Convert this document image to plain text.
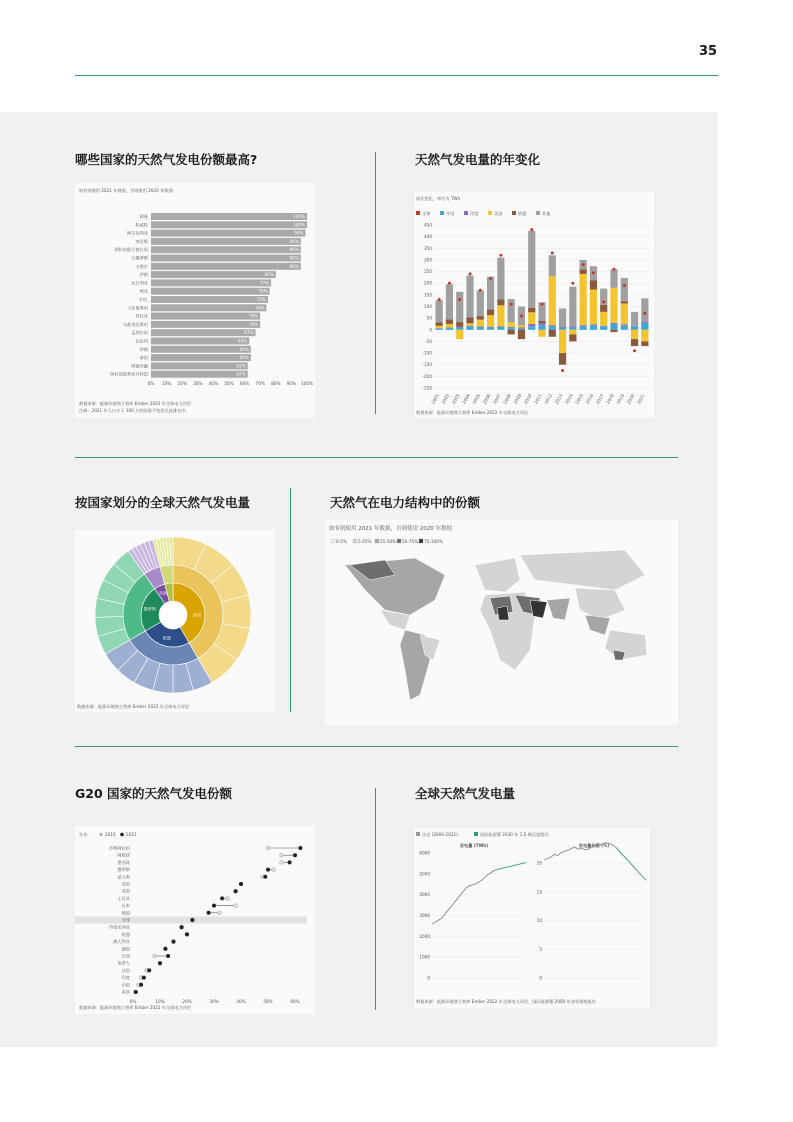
35
哪些国家的天然气发电份额最高?	天然气发电量的年变化
按国家划分的全球天然气发电量	天然气在电力结构中的份额
G20 国家的天然气发电份额	全球天然气发电量
如有则使用 2021 年数据，否则使用 2020 年数据
数据来源：能源环境独立智库 Ember 2022 年全球电力评论
注释：2021 年人口少于 100 万的国家不包括在此排名中。
阿曼	100%
科威特	100%
阿尔及利亚	99%
突尼斯	96%
阿拉伯联合酋长国	96%
白俄罗斯	96%
卡塔尔	96%
伊朗	80%
尼日利亚	77%
埃及	76%
约旦	75%
土库曼斯坦	74%
利比亚	70%
乌兹别克斯坦	70%
孟加拉国	67%
以色列	63%
伊朗	64%
泰国	64%
阿塞拜疆	62%
阿拉伯叙利亚共和国	62%
0% 10% 20% 30% 40% 50% 60% 70% 80% 90% 100%
同比变化，单位为 TWh
数据来源：能源环境独立智库 Ember 2022 年全球电力评论
全球	中国	印度	美国	欧盟	其他
450
400
350
300
250
200
150
100
50
0
-50
-100
-150
-200
-250
2001 2002 2003 2004 2005 2006 2007 2008 2009 2010 2011 2012 2013 2014 2015 2016 2017 2018 2019 2020 2021
数据来源：能源环境独立智库 Ember 2022 年全球电力评论
美国
欧盟
俄罗斯
亚洲
如有则使用 2021 年数据，否则使用 2020 年数据
0-5%	5-25% 25-50% 50-75% 75-100%
数据来源：能源环境独立智库 Ember 2022 年全球电力评论
年份	2015 2021
沙特阿拉伯
阿根廷
墨西哥
俄罗斯
意大利
美国
英国
土耳其
日本
韩国
全球
印度尼西亚
欧盟
澳大利亚
德国
巴西
加拿大
法国
印度
中国
南非
0%	10%	20%	30%	40%	50%	60%	数据来源：能源环境独立智库 Ember 2022 年全球电力评论，国际能源署 2050 年净零排放报告
历史 (2000-2021)	国际能源署 2030 年 1.5 摄氏度路径
发电量 (TWh)	发电量份额 (%)
6000
5000
4000
3000
2000
1000
0
20
15
10
5
0
